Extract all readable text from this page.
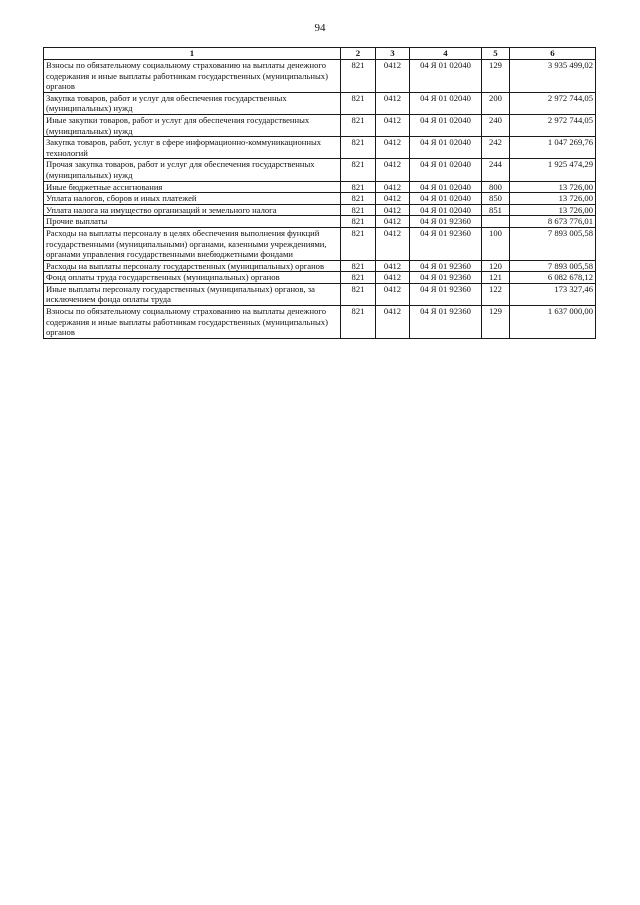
94
1	2	3	4	5	6
Взносы по обязательному социальному страхованию на выплаты денежного содержания и иные выплаты работникам государственных (муниципальных) органов	821	0412	04 Я 01 02040	129	3 935 499,02
Закупка товаров, работ и услуг для обеспечения государственных (муниципальных) нужд	821	0412	04 Я 01 02040	200	2 972 744,05
Иные закупки товаров, работ и услуг для обеспечения государственных (муниципальных) нужд	821	0412	04 Я 01 02040	240	2 972 744,05
Закупка товаров, работ, услуг в сфере информационно-коммуникационных технологий	821	0412	04 Я 01 02040	242	1 047 269,76
Прочая закупка товаров, работ и услуг для обеспечения государственных (муниципальных) нужд	821	0412	04 Я 01 02040	244	1 925 474,29
Иные бюджетные ассигнования	821	0412	04 Я 01 02040	800	13 726,00
Уплата налогов, сборов и иных платежей	821	0412	04 Я 01 02040	850	13 726,00
Уплата налога на имущество организаций и земельного налога	821	0412	04 Я 01 02040	851	13 726,00
Прочие выплаты	821	0412	04 Я 01 92360		8 673 776,01
Расходы на выплаты персоналу в целях обеспечения выполнения функций государственными (муниципальными) органами, казенными учреждениями, органами управления государственными внебюджетными фондами	821	0412	04 Я 01 92360	100	7 893 005,58
Расходы на выплаты персоналу государственных (муниципальных) органов	821	0412	04 Я 01 92360	120	7 893 005,58
Фонд оплаты труда государственных (муниципальных) органов	821	0412	04 Я 01 92360	121	6 082 678,12
Иные выплаты персоналу государственных (муниципальных) органов, за исключением фонда оплаты труда	821	0412	04 Я 01 92360	122	173 327,46
Взносы по обязательному социальному страхованию на выплаты денежного содержания и иные выплаты работникам государственных (муниципальных) органов	821	0412	04 Я 01 92360	129	1 637 000,00
